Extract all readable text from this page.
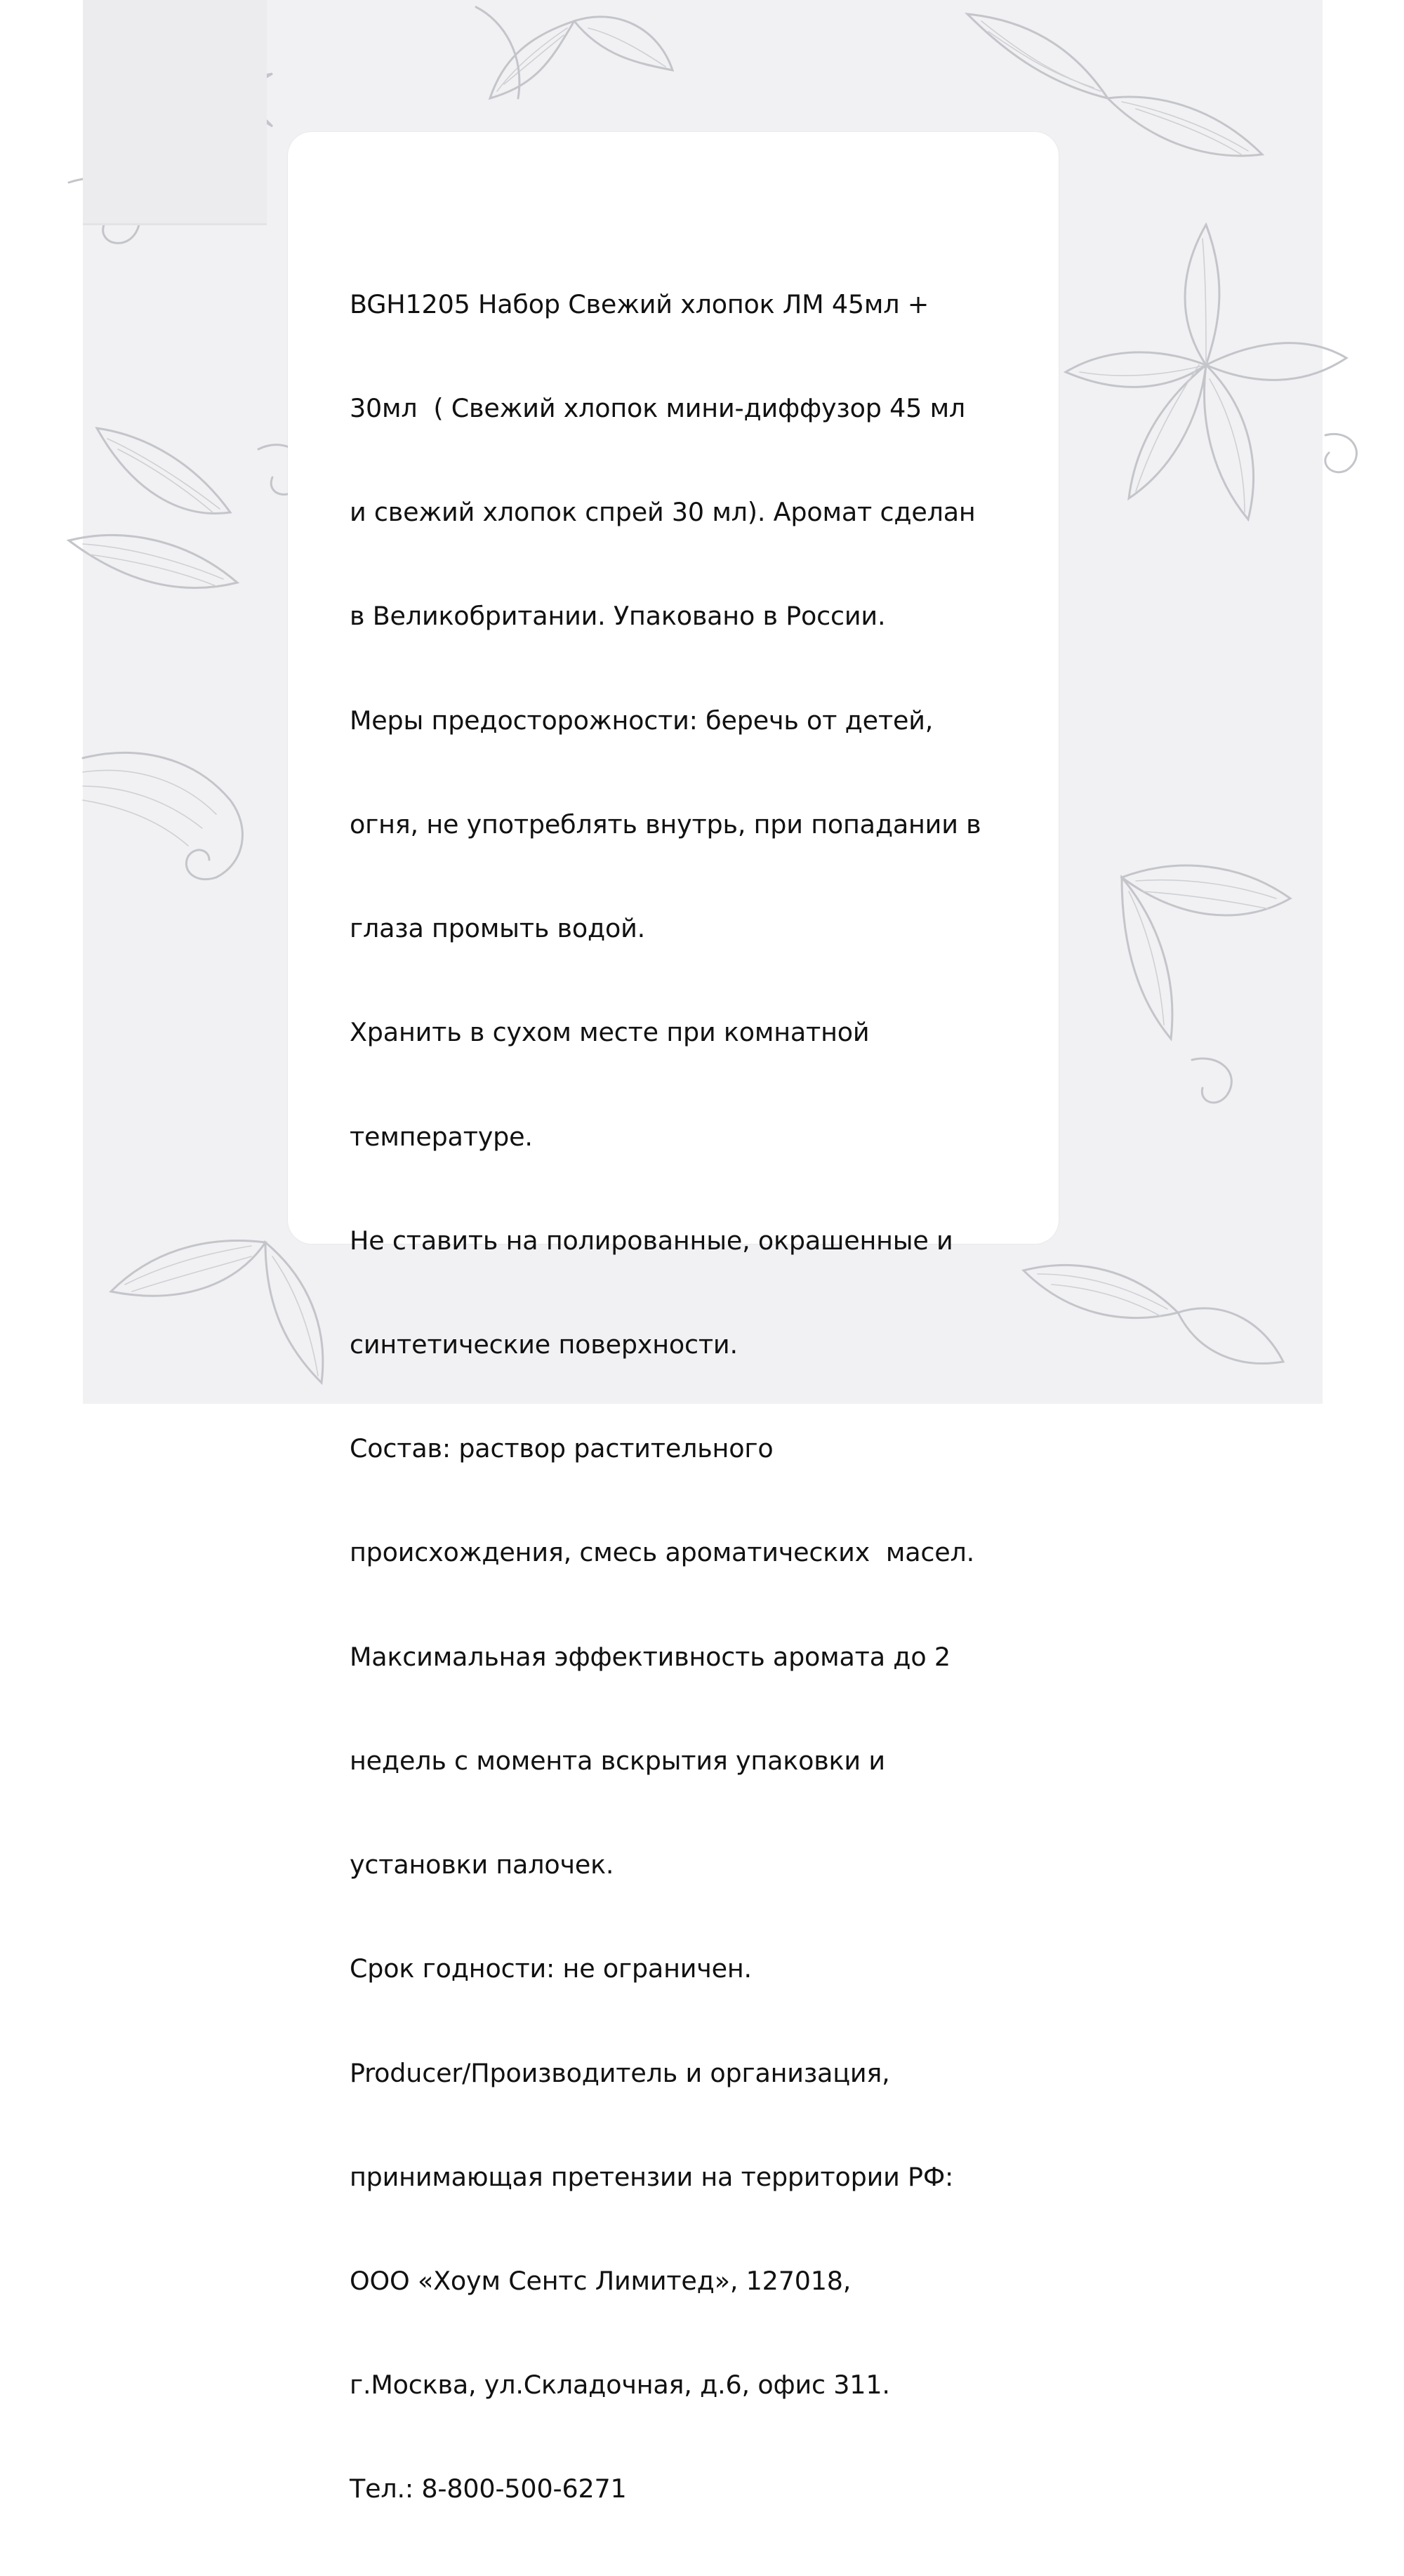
BGH1205 Набор Свежий хлопок ЛМ 45мл +

30мл  ( Свежий хлопок мини-диффузор 45 мл

и свежий хлопок спрей 30 мл). Аромат сделан

в Великобритании. Упаковано в России.

Меры предосторожности: беречь от детей,

огня, не употреблять внутрь, при попадании в

глаза промыть водой.

Хранить в сухом месте при комнатной

температуре.

Не ставить на полированные, окрашенные и

синтетические поверхности.

Состав: раствор растительного

происхождения, смесь ароматических  масел.

Максимальная эффективность аромата до 2

недель с момента вскрытия упаковки и

установки палочек.

Срок годности: не ограничен.

Producer/Производитель и организация,

принимающая претензии на территории РФ:

ООО «Хоум Сентс Лимитед», 127018,

г.Москва, ул.Складочная, д.6, офис 311.

Тел.: 8-800-500-6271
